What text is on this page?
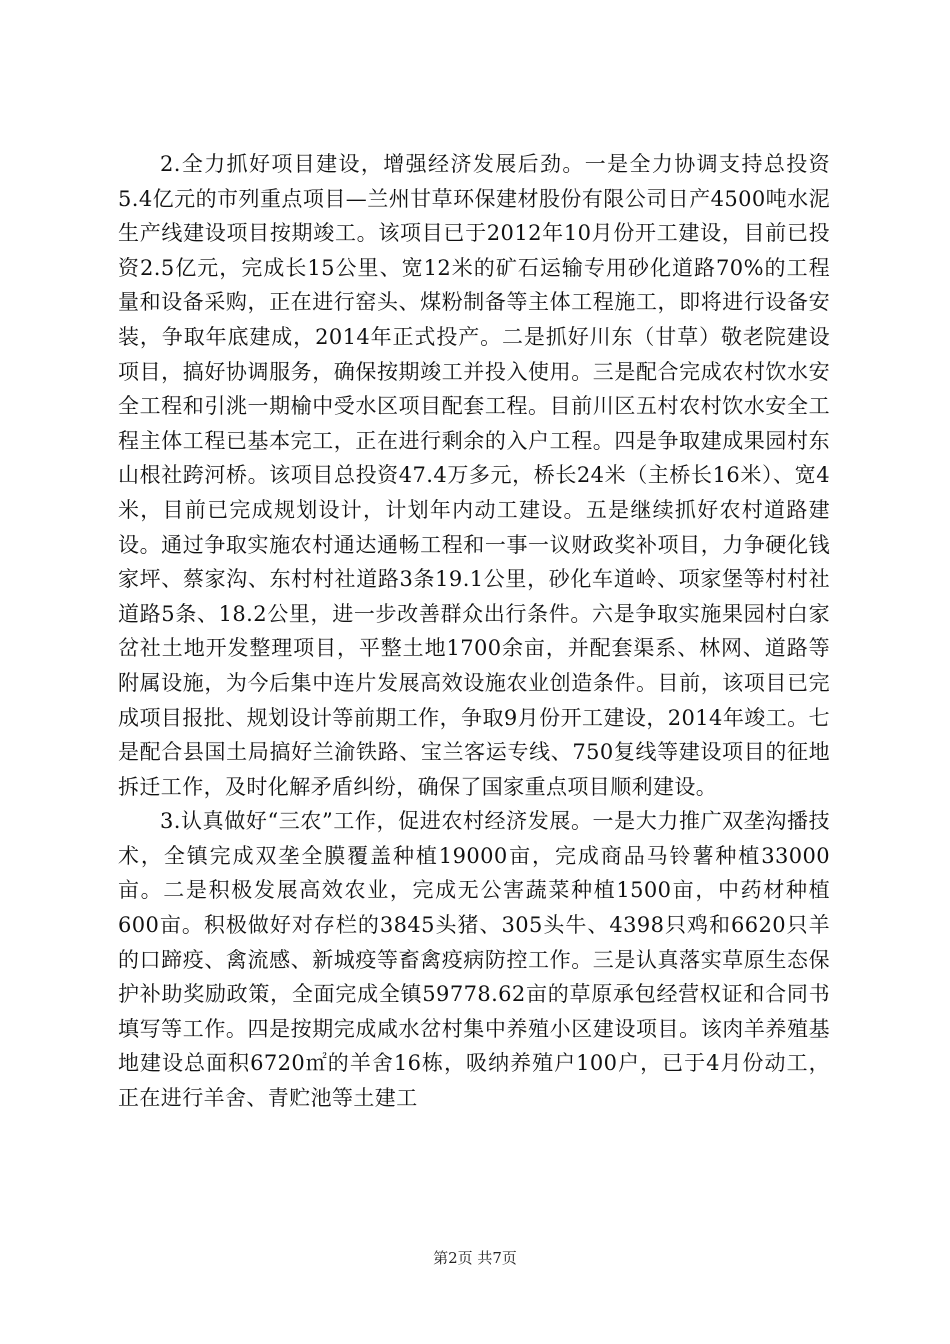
2.全力抓好项目建设，增强经济发展后劲。一是全力协调支持总投资5.4亿元的市列重点项目—兰州甘草环保建材股份有限公司日产4500吨水泥生产线建设项目按期竣工。该项目已于2012年10月份开工建设，目前已投资2.5亿元，完成长15公里、宽12米的矿石运输专用砂化道路70%的工程量和设备采购，正在进行窑头、煤粉制备等主体工程施工，即将进行设备安装，争取年底建成，2014年正式投产。二是抓好川东（甘草）敬老院建设项目，搞好协调服务，确保按期竣工并投入使用。三是配合完成农村饮水安全工程和引洮一期榆中受水区项目配套工程。目前川区五村农村饮水安全工程主体工程已基本完工，正在进行剩余的入户工程。四是争取建成果园村东山根社跨河桥。该项目总投资47.4万多元，桥长24米（主桥长16米）、宽4米，目前已完成规划设计，计划年内动工建设。五是继续抓好农村道路建设。通过争取实施农村通达通畅工程和一事一议财政奖补项目，力争硬化钱家坪、蔡家沟、东村村社道路3条19.1公里，砂化车道岭、项家堡等村村社道路5条、18.2公里，进一步改善群众出行条件。六是争取实施果园村白家岔社土地开发整理项目，平整土地1700余亩，并配套渠系、林网、道路等附属设施，为今后集中连片发展高效设施农业创造条件。目前，该项目已完成项目报批、规划设计等前期工作，争取9月份开工建设，2014年竣工。七是配合县国土局搞好兰渝铁路、宝兰客运专线、750复线等建设项目的征地拆迁工作，及时化解矛盾纠纷，确保了国家重点项目顺利建设。

3.认真做好“三农”工作，促进农村经济发展。一是大力推广双垄沟播技术，全镇完成双垄全膜覆盖种植19000亩，完成商品马铃薯种植33000亩。二是积极发展高效农业，完成无公害蔬菜种植1500亩，中药材种植600亩。积极做好对存栏的3845头猪、305头牛、4398只鸡和6620只羊的口蹄疫、禽流感、新城疫等畜禽疫病防控工作。三是认真落实草原生态保护补助奖励政策，全面完成全镇59778.62亩的草原承包经营权证和合同书填写等工作。四是按期完成咸水岔村集中养殖小区建设项目。该肉羊养殖基地建设总面积6720㎡的羊舍16栋，吸纳养殖户100户，已于4月份动工，正在进行羊舍、青贮池等土建工

第2页 共7页
